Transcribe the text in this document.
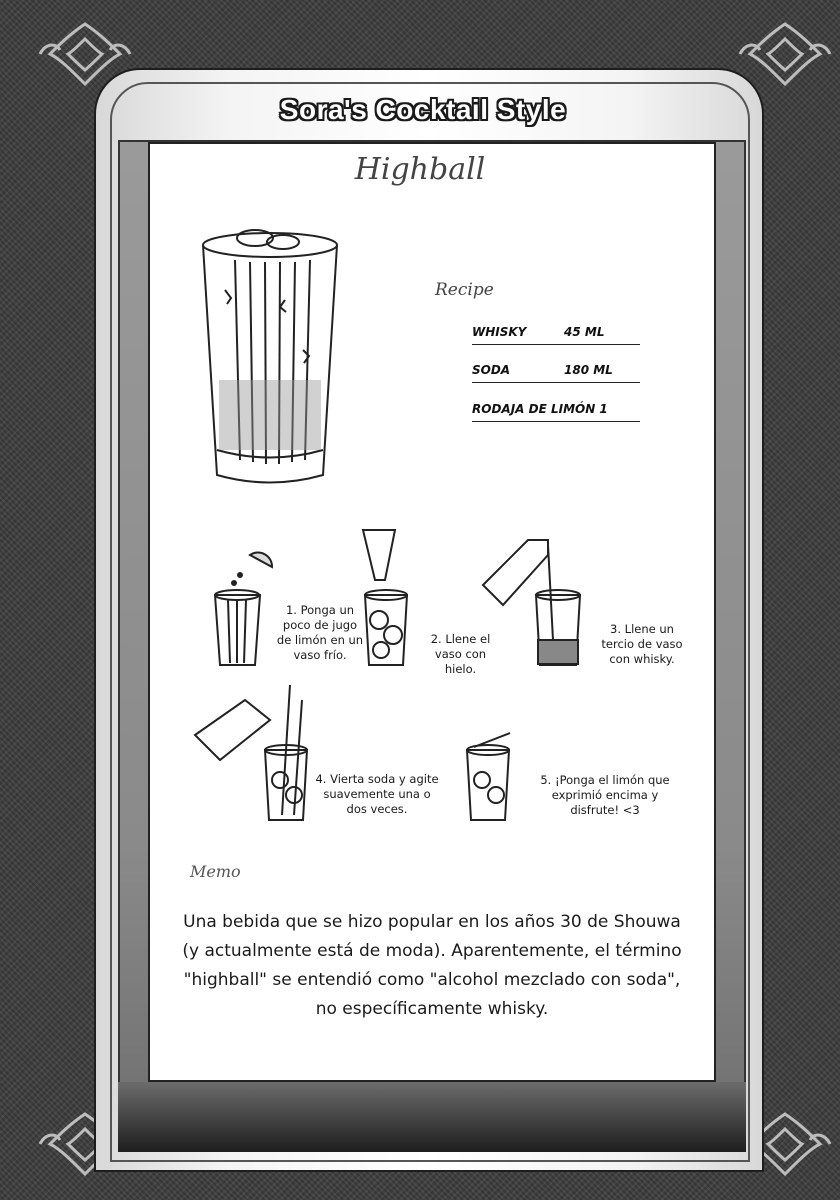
Sora's Cocktail Style
Highball
Recipe
WHISKY	45 ML
SODA	180 ML
RODAJA DE LIMÓN 1
1. Ponga un poco de jugo de limón en un vaso frío.
2. Llene el vaso con hielo.
3. Llene un tercio de vaso con whisky.
4. Vierta soda y agite suavemente una o dos veces.
5. ¡Ponga el limón que exprimió encima y disfrute! <3
Memo
Una bebida que se hizo popular en los años 30 de Shouwa (y actualmente está de moda). Aparentemente, el término "highball" se entendió como "alcohol mezclado con soda", no específicamente whisky.
